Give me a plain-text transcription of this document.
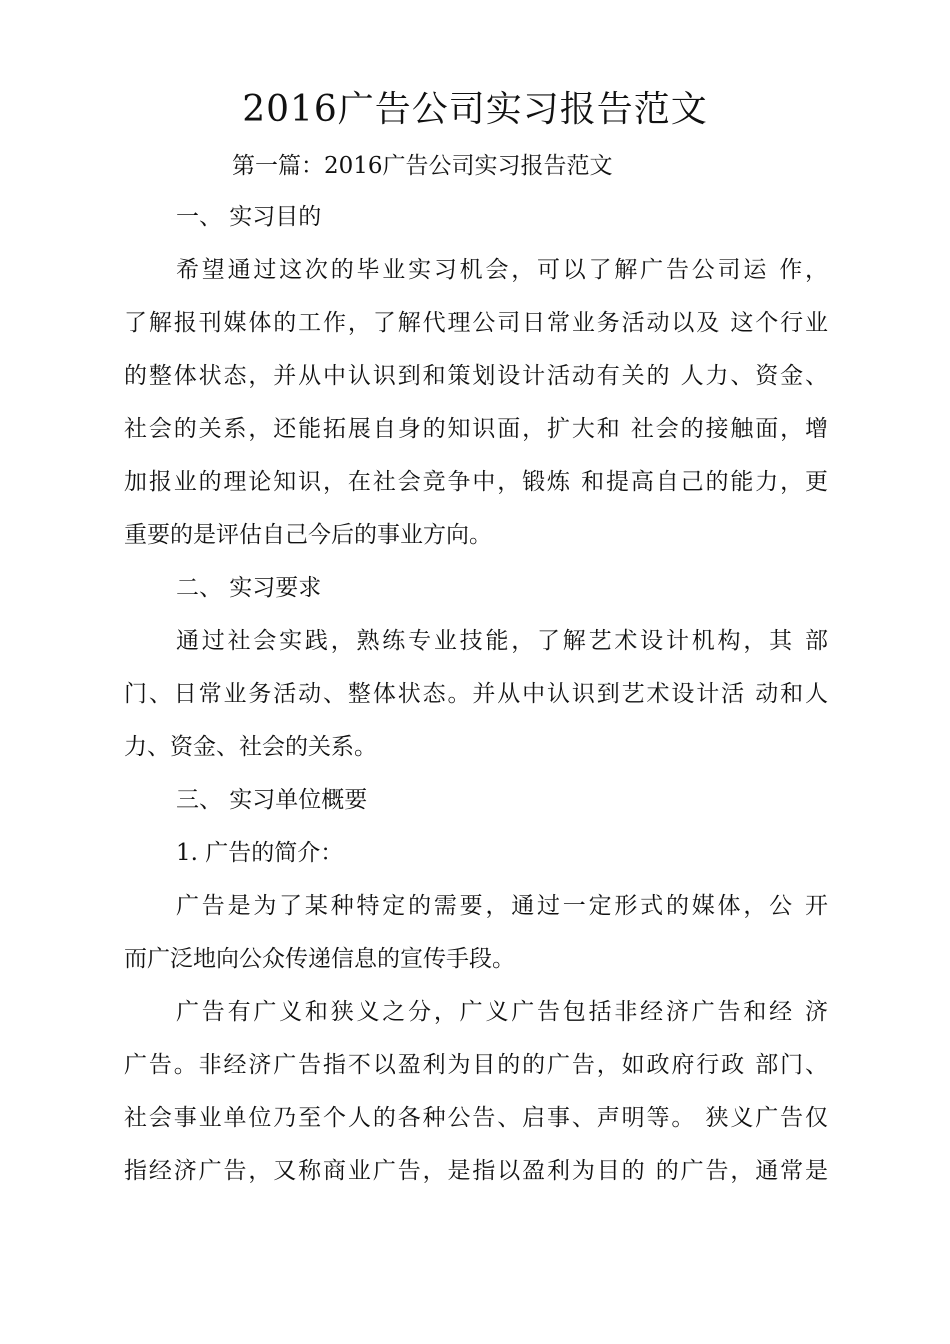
2016广告公司实习报告范文
第一篇：2016广告公司实习报告范文
一、 实习目的
希望通过这次的毕业实习机会，可以了解广告公司运 作，
了解报刊媒体的工作，了解代理公司日常业务活动以及 这个行业
的整体状态，并从中认识到和策划设计活动有关的 人力、资金、
社会的关系，还能拓展自身的知识面，扩大和 社会的接触面，增
加报业的理论知识，在社会竞争中，锻炼 和提高自己的能力，更
重要的是评估自己今后的事业方向。
二、 实习要求
通过社会实践，熟练专业技能，了解艺术设计机构，其 部
门、日常业务活动、整体状态。并从中认识到艺术设计活 动和人
力、资金、社会的关系。
三、 实习单位概要
1. 广告的简介：
广告是为了某种特定的需要，通过一定形式的媒体，公 开
而广泛地向公众传递信息的宣传手段。
广告有广义和狭义之分，广义广告包括非经济广告和经 济
广告。非经济广告指不以盈利为目的的广告，如政府行政 部门、
社会事业单位乃至个人的各种公告、启事、声明等。 狭义广告仅
指经济广告，又称商业广告，是指以盈利为目的 的广告，通常是
